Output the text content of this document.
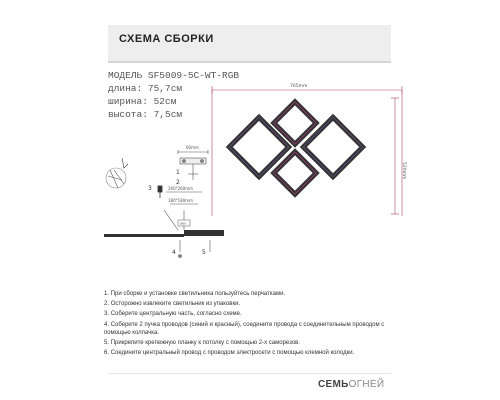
СХЕМА СБОРКИ
МОДЕЛЬ SF5009-5C-WT-RGB
длина: 75,7см
ширина: 52см
высота: 7,5см
765mm
520mm
60mm
2
1
260*260mm
180*180mm
3
Ø80
4	5
1. При сборке и установке светильника пользуйтесь перчатками.
2. Осторожно извлеките светильник из упаковки.
3. Соберите центральную часть, согласно схеме.
4. Соберите 2 пучка проводов (синий и красный), соедините провода с соединительным проводом с помощью колпачка.
5. Прикрепите крепежную планку к потолку с помощью 2-х саморезов.
6. Соедините центральный провод с проводом электросети с помощью клемной колодки.
СЕМЬОГНЕЙ
